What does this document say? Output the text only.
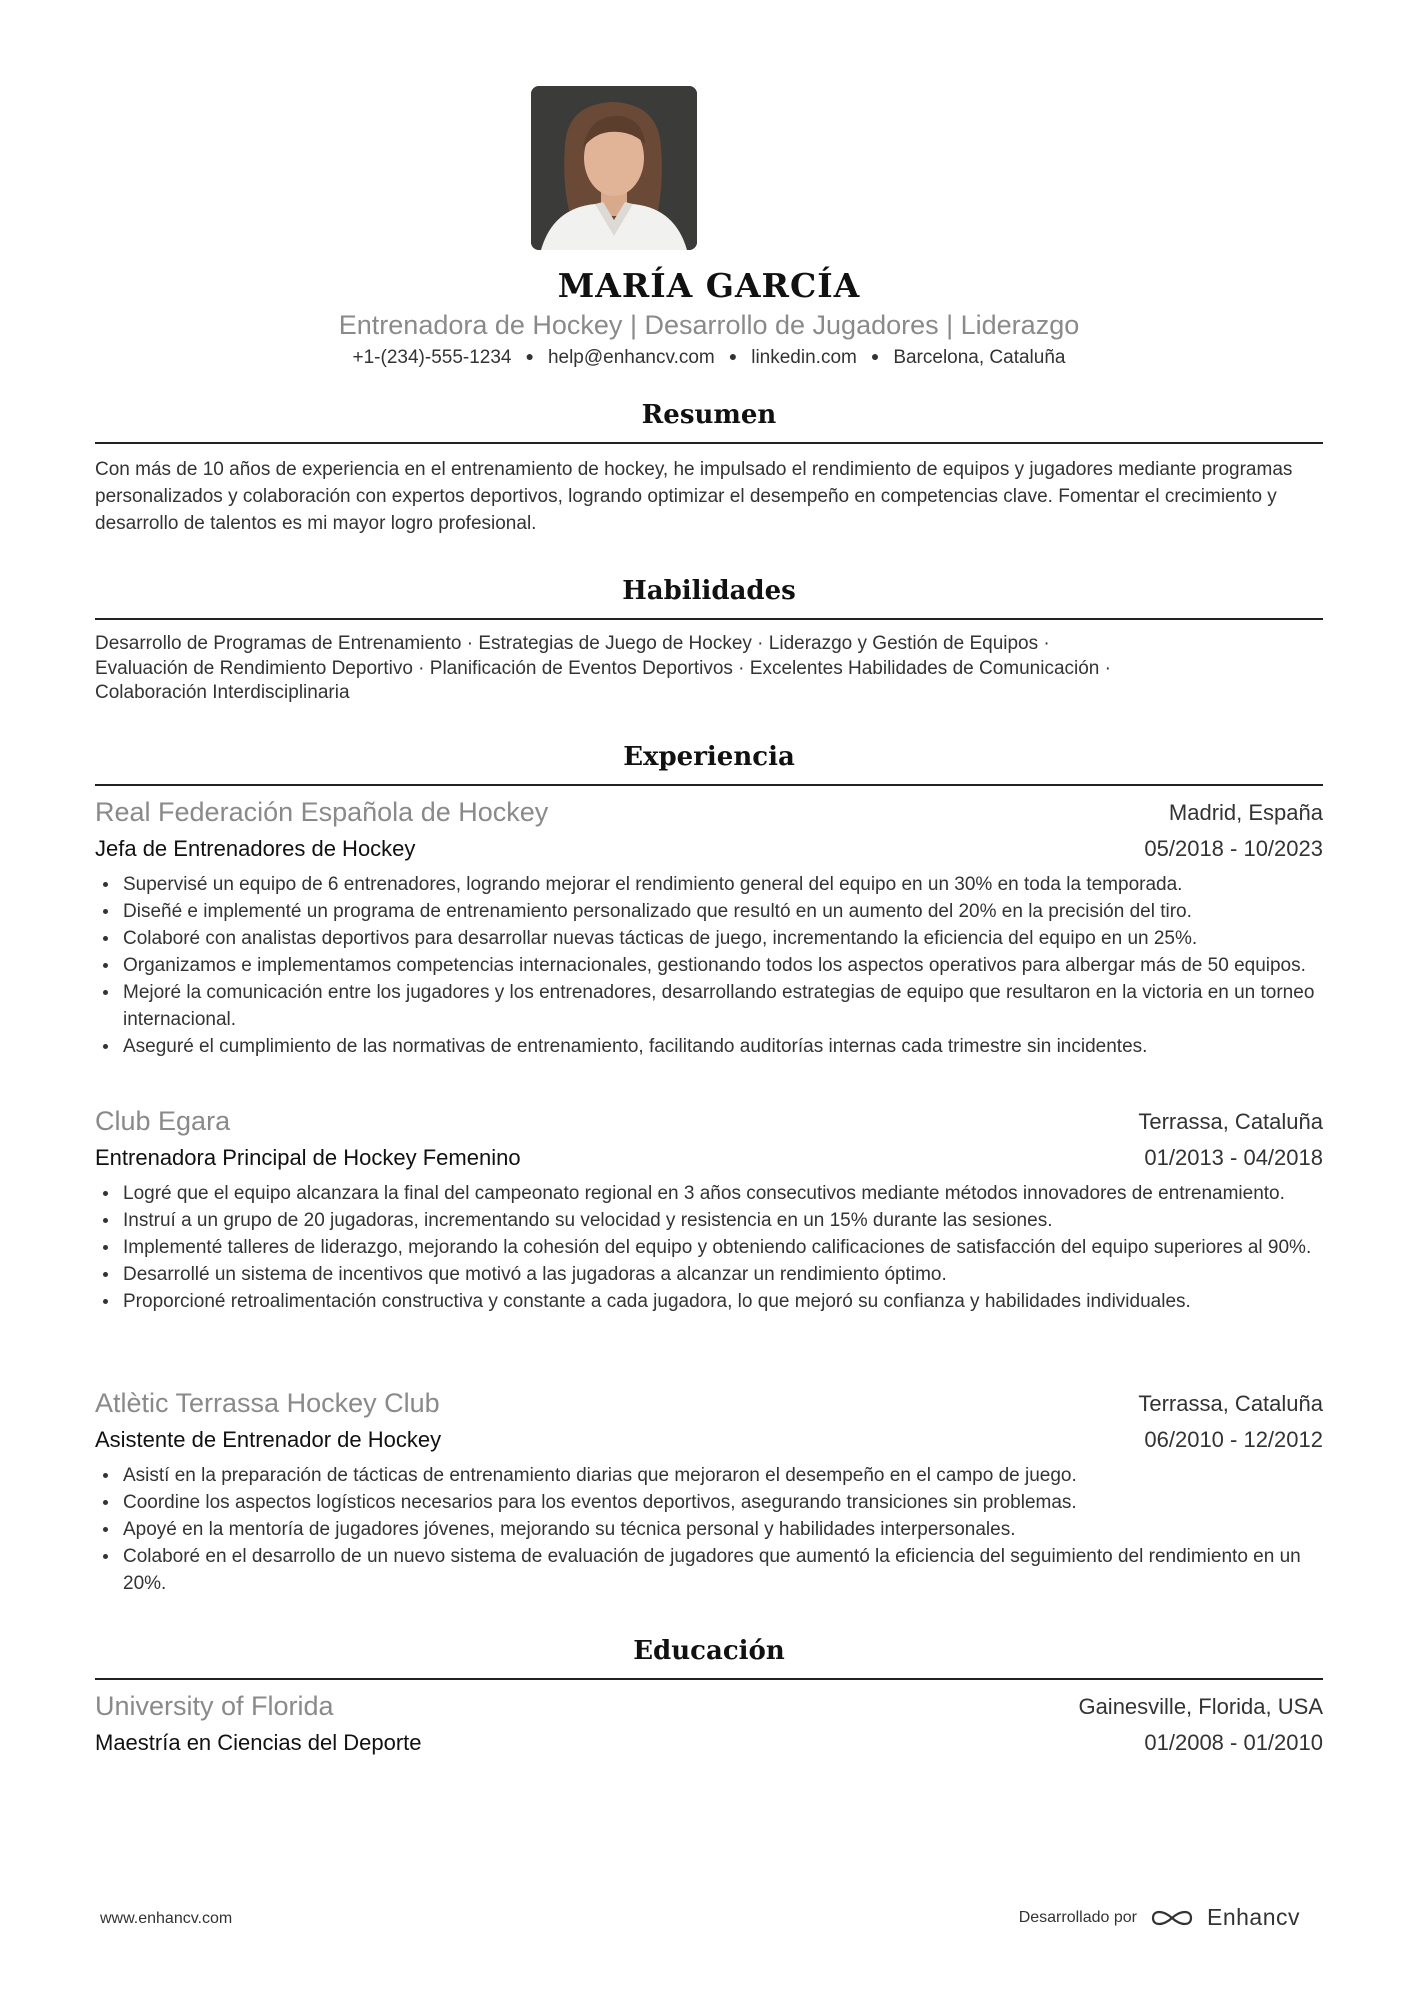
MARÍA GARCÍA
Entrenadora de Hockey | Desarrollo de Jugadores | Liderazgo
+1-(234)-555-1234 ● help@enhancv.com ● linkedin.com ● Barcelona, Cataluña
Resumen

Con más de 10 años de experiencia en el entrenamiento de hockey, he impulsado el rendimiento de equipos y jugadores mediante programas personalizados y colaboración con expertos deportivos, logrando optimizar el desempeño en competencias clave. Fomentar el crecimiento y desarrollo de talentos es mi mayor logro profesional.

Habilidades
Desarrollo de Programas de Entrenamiento · Estrategias de Juego de Hockey · Liderazgo y Gestión de Equipos ·
Evaluación de Rendimiento Deportivo · Planificación de Eventos Deportivos · Excelentes Habilidades de Comunicación ·
Colaboración Interdisciplinaria
Experiencia
Real Federación Española de Hockey	Madrid, España
Jefa de Entrenadores de Hockey	05/2018 - 10/2023
Supervisé un equipo de 6 entrenadores, logrando mejorar el rendimiento general del equipo en un 30% en toda la temporada.
Diseñé e implementé un programa de entrenamiento personalizado que resultó en un aumento del 20% en la precisión del tiro.
Colaboré con analistas deportivos para desarrollar nuevas tácticas de juego, incrementando la eficiencia del equipo en un 25%.
Organizamos e implementamos competencias internacionales, gestionando todos los aspectos operativos para albergar más de 50 equipos.
Mejoré la comunicación entre los jugadores y los entrenadores, desarrollando estrategias de equipo que resultaron en la victoria en un torneo internacional.
Aseguré el cumplimiento de las normativas de entrenamiento, facilitando auditorías internas cada trimestre sin incidentes.
Club Egara	Terrassa, Cataluña
Entrenadora Principal de Hockey Femenino	01/2013 - 04/2018
Logré que el equipo alcanzara la final del campeonato regional en 3 años consecutivos mediante métodos innovadores de entrenamiento.
Instruí a un grupo de 20 jugadoras, incrementando su velocidad y resistencia en un 15% durante las sesiones.
Implementé talleres de liderazgo, mejorando la cohesión del equipo y obteniendo calificaciones de satisfacción del equipo superiores al 90%.
Desarrollé un sistema de incentivos que motivó a las jugadoras a alcanzar un rendimiento óptimo.
Proporcioné retroalimentación constructiva y constante a cada jugadora, lo que mejoró su confianza y habilidades individuales.
Atlètic Terrassa Hockey Club	Terrassa, Cataluña
Asistente de Entrenador de Hockey	06/2010 - 12/2012
Asistí en la preparación de tácticas de entrenamiento diarias que mejoraron el desempeño en el campo de juego.
Coordine los aspectos logísticos necesarios para los eventos deportivos, asegurando transiciones sin problemas.
Apoyé en la mentoría de jugadores jóvenes, mejorando su técnica personal y habilidades interpersonales.
Colaboré en el desarrollo de un nuevo sistema de evaluación de jugadores que aumentó la eficiencia del seguimiento del rendimiento en un 20%.
Educación
University of Florida	Gainesville, Florida, USA
Maestría en Ciencias del Deporte	01/2008 - 01/2010
www.enhancv.com	Desarrollado por	Enhancv
